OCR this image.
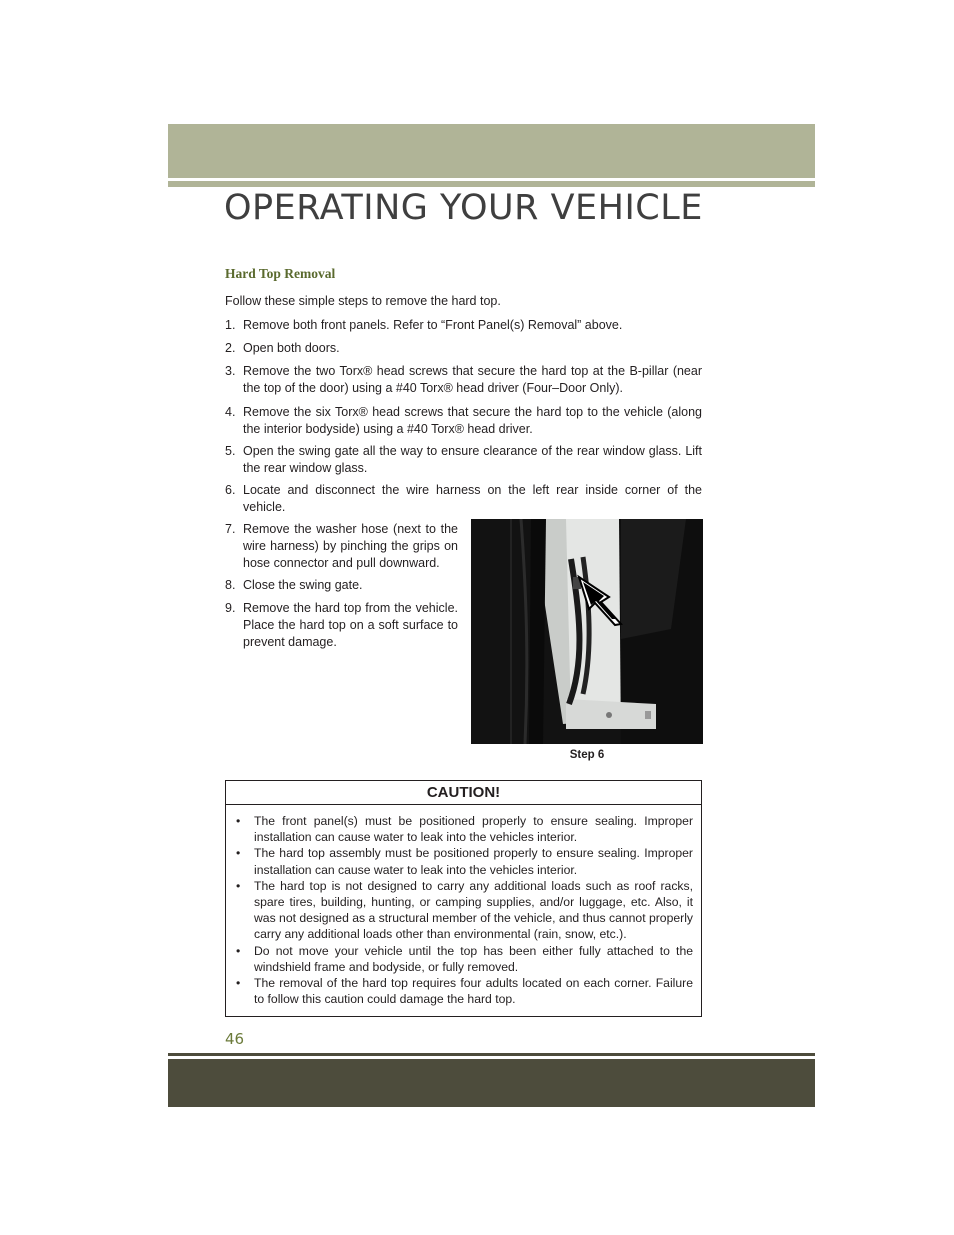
OPERATING YOUR VEHICLE
Hard Top Removal
Follow these simple steps to remove the hard top.
1. Remove both front panels. Refer to “Front Panel(s) Removal” above.
2. Open both doors.
3. Remove the two Torx® head screws that secure the hard top at the B-pillar (near the top of the door) using a #40 Torx® head driver (Four–Door Only).
4. Remove the six Torx® head screws that secure the hard top to the vehicle (along the interior bodyside) using a #40 Torx® head driver.
5. Open the swing gate all the way to ensure clearance of the rear window glass. Lift the rear window glass.
6. Locate and disconnect the wire harness on the left rear inside corner of the vehicle.
7. Remove the washer hose (next to the wire harness) by pinching the grips on hose connector and pull downward.
8. Close the swing gate.
9. Remove the hard top from the vehicle. Place the hard top on a soft surface to prevent damage.
Step 6
CAUTION!
•	The front panel(s) must be positioned properly to ensure sealing. Improper installation can cause water to leak into the vehicles interior.
•	The hard top assembly must be positioned properly to ensure sealing. Improper installation can cause water to leak into the vehicles interior.
•	The hard top is not designed to carry any additional loads such as roof racks, spare tires, building, hunting, or camping supplies, and/or luggage, etc. Also, it was not designed as a structural member of the vehicle, and thus cannot properly carry any additional loads other than environmental (rain, snow, etc.).
•	Do not move your vehicle until the top has been either fully attached to the windshield frame and bodyside, or fully removed.
•	The removal of the hard top requires four adults located on each corner. Failure to follow this caution could damage the hard top.
46
